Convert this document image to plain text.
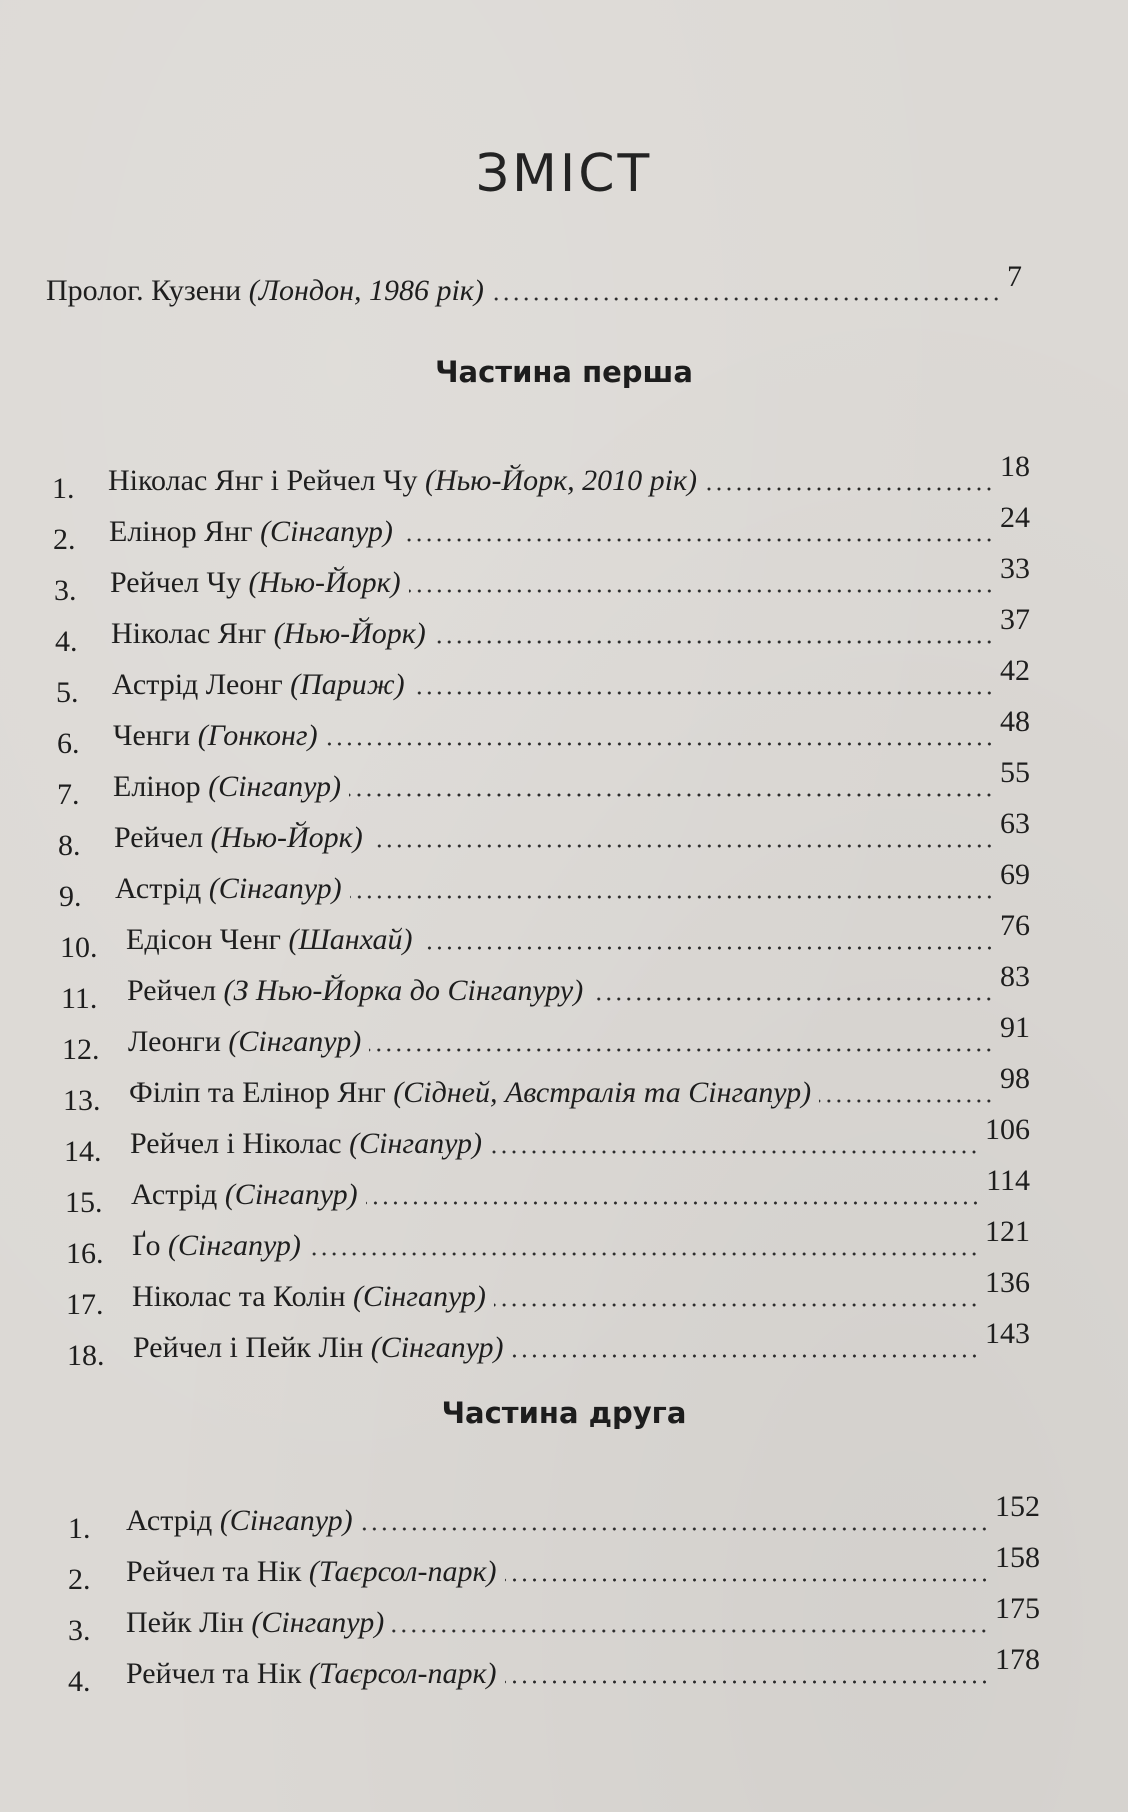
ЗМІСТ
Пролог. Кузени (Лондон, 1986 рік)	7
Частина перша
1. Ніколас Янг і Рейчел Чу (Нью-Йорк, 2010 рік)	18
2. Елінор Янг (Сінгапур)	24
3. Рейчел Чу (Нью-Йорк)	33
4. Ніколас Янг (Нью-Йорк)	37
5. Астрід Леонг (Париж)	42
6. Ченги (Гонконг)	48
7. Елінор (Сінгапур)	55
8. Рейчел (Нью-Йорк)	63
9. Астрід (Сінгапур)	69
10. Едісон Ченг (Шанхай)	76
11. Рейчел (З Нью-Йорка до Сінгапуру)	83
12. Леонги (Сінгапур)	91
13. Філіп та Елінор Янг (Сідней, Австралія та Сінгапур)	98
14. Рейчел і Ніколас (Сінгапур)	106
15. Астрід (Сінгапур)	114
16. Ґо (Сінгапур)	121
17. Ніколас та Колін (Сінгапур)	136
18. Рейчел і Пейк Лін (Сінгапур)	143
Частина друга
1. Астрід (Сінгапур)	152
2. Рейчел та Нік (Таєрсол-парк)	158
3. Пейк Лін (Сінгапур)	175
4. Рейчел та Нік (Таєрсол-парк)	178
